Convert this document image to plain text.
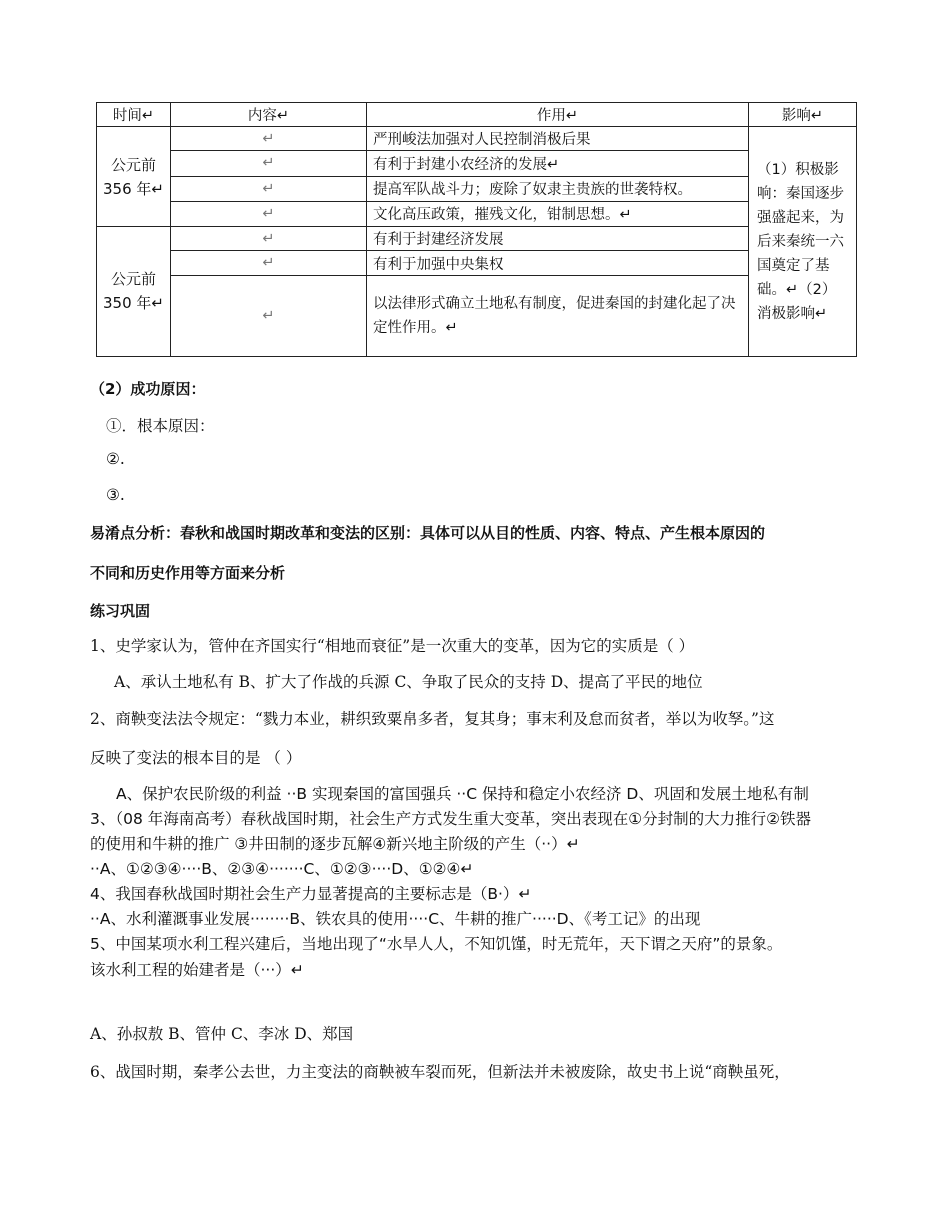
时间↵	内容↵	作用↵	影响↵
公元前 356 年↵	↵	严刑峻法加强对人民控制消极后果	（1）积极影响：秦国逐步强盛起来，为后来秦统一六国奠定了基础。↵（2）消极影响↵
	↵	有利于封建小农经济的发展↵	
	↵	提高军队战斗力；废除了奴隶主贵族的世袭特权。	
	↵	文化高压政策，摧残文化，钳制思想。↵	
公元前 350 年↵	↵	有利于封建经济发展	
	↵	有利于加强中央集权	
	↵	以法律形式确立土地私有制度，促进秦国的封建化起了决定性作用。↵	
（2）成功原因：
①．根本原因：
②.
③.
易淆点分析：春秋和战国时期改革和变法的区别：具体可以从目的性质、内容、特点、产生根本原因的
不同和历史作用等方面来分析
练习巩固
1、史学家认为，管仲在齐国实行“相地而衰征”是一次重大的变革，因为它的实质是（ ）
A、承认土地私有 B、扩大了作战的兵源 C、争取了民众的支持 D、提高了平民的地位
2、商鞅变法法令规定：“戮力本业，耕织致粟帛多者，复其身；事末利及怠而贫者，举以为收孥。”这
反映了变法的根本目的是 （ ）
A、保护农民阶级的利益 ··B 实现秦国的富国强兵 ··C 保持和稳定小农经济 D、巩固和发展土地私有制
3、（08 年海南高考）春秋战国时期，社会生产方式发生重大变革，突出表现在①分封制的大力推行②铁器
的使用和牛耕的推广 ③井田制的逐步瓦解④新兴地主阶级的产生（··）↵
··A、①②③④····B、②③④·······C、①②③····D、①②④↵
4、我国春秋战国时期社会生产力显著提高的主要标志是（B·）↵
··A、水利灌溉事业发展········B、铁农具的使用····C、牛耕的推广·····D、《考工记》的出现
5、中国某项水利工程兴建后，当地出现了“水旱人人，不知饥馑，时无荒年，天下谓之天府”的景象。
该水利工程的始建者是（···）↵
A、孙叔敖 B、管仲 C、李冰 D、郑国
6、战国时期，秦孝公去世，力主变法的商鞅被车裂而死，但新法并未被废除，故史书上说“商鞅虽死，
